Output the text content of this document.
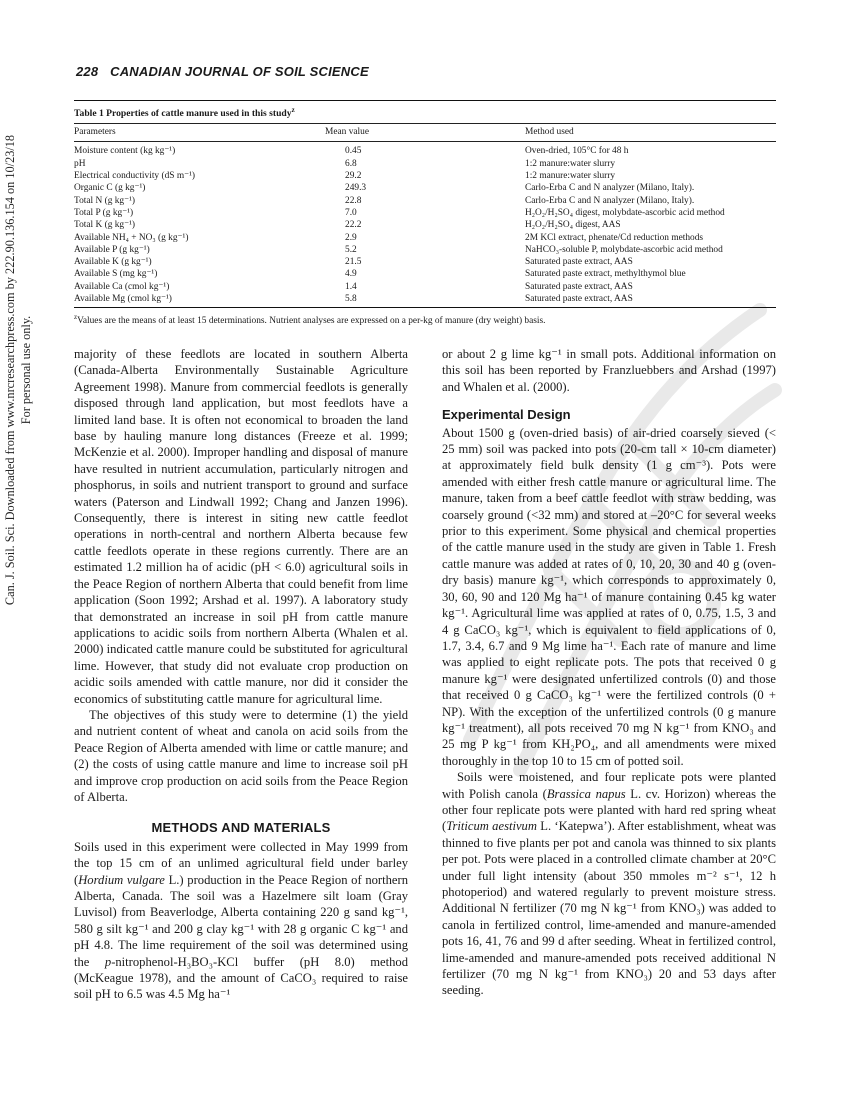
Can. J. Soil. Sci. Downloaded from www.nrcresearchpress.com by 222.90.136.154 on 10/23/18 For personal use only.
228 CANADIAN JOURNAL OF SOIL SCIENCE
Table 1 Properties of cattle manure used in this study$^z$
Parameters	Mean value	Method used
Moisture content (kg kg⁻¹)	0.45	Oven-dried, 105°C for 48 h
pH	6.8	1:2 manure:water slurry
Electrical conductivity (dS m⁻¹)	29.2	1:2 manure:water slurry
Organic C (g kg⁻¹)	249.3	Carlo-Erba C and N analyzer (Milano, Italy).
Total N (g kg⁻¹)	22.8	Carlo-Erba C and N analyzer (Milano, Italy).
Total P (g kg⁻¹)	7.0	H₂O₂/H₂SO₄ digest, molybdate-ascorbic acid method
Total K (g kg⁻¹)	22.2	H₂O₂/H₂SO₄ digest, AAS
Available NH₄ + NO₃ (g kg⁻¹)	2.9	2M KCl extract, phenate/Cd reduction methods
Available P (g kg⁻¹)	5.2	NaHCO₃-soluble P, molybdate-ascorbic acid method
Available K (g kg⁻¹)	21.5	Saturated paste extract, AAS
Available S (mg kg⁻¹)	4.9	Saturated paste extract, methylthymol blue
Available Ca (cmol kg⁻¹)	1.4	Saturated paste extract, AAS
Available Mg (cmol kg⁻¹)	5.8	Saturated paste extract, AAS
$^z$Values are the means of at least 15 determinations. Nutrient analyses are expressed on a per-kg of manure (dry weight) basis.

majority of these feedlots are located in southern Alberta (Canada-Alberta Environmentally Sustainable Agriculture Agreement 1998). Manure from commercial feedlots is generally disposed through land application, but most feedlots have a limited land base. It is often not economical to broaden the land base by hauling manure long distances (Freeze et al. 1999; McKenzie et al. 2000). Improper handling and disposal of manure have resulted in nutrient accumulation, particularly nitrogen and phosphorus, in soils and nutrient transport to ground and surface waters (Paterson and Lindwall 1992; Chang and Janzen 1996). Consequently, there is interest in siting new cattle feedlot operations in north-central and northern Alberta because few cattle feedlots operate in these regions currently. There are an estimated 1.2 million ha of acidic (pH < 6.0) agricultural soils in the Peace Region of northern Alberta that could benefit from lime application (Soon 1992; Arshad et al. 1997). A laboratory study that demonstrated an increase in soil pH from cattle manure applications to acidic soils from northern Alberta (Whalen et al. 2000) indicated cattle manure could be substituted for agricultural lime. However, that study did not evaluate crop production on acidic soils amended with cattle manure, nor did it consider the economics of substituting cattle manure for agricultural lime.

The objectives of this study were to determine (1) the yield and nutrient content of wheat and canola on acid soils from the Peace Region of Alberta amended with lime or cattle manure; and (2) the costs of using cattle manure and lime to increase soil pH and improve crop production on acid soils from the Peace Region of Alberta.

METHODS AND MATERIALS

Soils used in this experiment were collected in May 1999 from the top 15 cm of an unlimed agricultural field under barley (Hordium vulgare L.) production in the Peace Region of northern Alberta, Canada. The soil was a Hazelmere silt loam (Gray Luvisol) from Beaverlodge, Alberta containing 220 g sand kg⁻¹, 580 g silt kg⁻¹ and 200 g clay kg⁻¹ with 28 g organic C kg⁻¹ and pH 4.8. The lime requirement of the soil was determined using the p-nitrophenol-H₃BO₃-KCl buffer (pH 8.0) method (McKeague 1978), and the amount of CaCO₃ required to raise soil pH to 6.5 was 4.5 Mg ha⁻¹

or about 2 g lime kg⁻¹ in small pots. Additional information on this soil has been reported by Franzluebbers and Arshad (1997) and Whalen et al. (2000).

Experimental Design

About 1500 g (oven-dried basis) of air-dried coarsely sieved (< 25 mm) soil was packed into pots (20-cm tall × 10-cm diameter) at approximately field bulk density (1 g cm⁻³). Pots were amended with either fresh cattle manure or agricultural lime. The manure, taken from a beef cattle feedlot with straw bedding, was coarsely ground (<32 mm) and stored at –20°C for several weeks prior to this experiment. Some physical and chemical properties of the cattle manure used in the study are given in Table 1. Fresh cattle manure was added at rates of 0, 10, 20, 30 and 40 g (oven-dry basis) manure kg⁻¹, which corresponds to approximately 0, 30, 60, 90 and 120 Mg ha⁻¹ of manure containing 0.45 kg water kg⁻¹. Agricultural lime was applied at rates of 0, 0.75, 1.5, 3 and 4 g CaCO₃ kg⁻¹, which is equivalent to field applications of 0, 1.7, 3.4, 6.7 and 9 Mg lime ha⁻¹. Each rate of manure and lime was applied to eight replicate pots. The pots that received 0 g manure kg⁻¹ were designated unfertilized controls (0) and those that received 0 g CaCO₃ kg⁻¹ were the fertilized controls (0 + NP). With the exception of the unfertilized controls (0 g manure kg⁻¹ treatment), all pots received 70 mg N kg⁻¹ from KNO₃ and 25 mg P kg⁻¹ from KH₂PO₄, and all amendments were mixed thoroughly in the top 10 to 15 cm of potted soil.

Soils were moistened, and four replicate pots were planted with Polish canola (Brassica napus L. cv. Horizon) whereas the other four replicate pots were planted with hard red spring wheat (Triticum aestivum L. ‘Katepwa’). After establishment, wheat was thinned to five plants per pot and canola was thinned to six plants per pot. Pots were placed in a controlled climate chamber at 20°C under full light intensity (about 350 mmoles m⁻² s⁻¹, 12 h photoperiod) and watered regularly to prevent moisture stress. Additional N fertilizer (70 mg N kg⁻¹ from KNO₃) was added to canola in fertilized control, lime-amended and manure-amended pots 16, 41, 76 and 99 d after seeding. Wheat in fertilized control, lime-amended and manure-amended pots received additional N fertilizer (70 mg N kg⁻¹ from KNO₃) 20 and 53 days after seeding.
